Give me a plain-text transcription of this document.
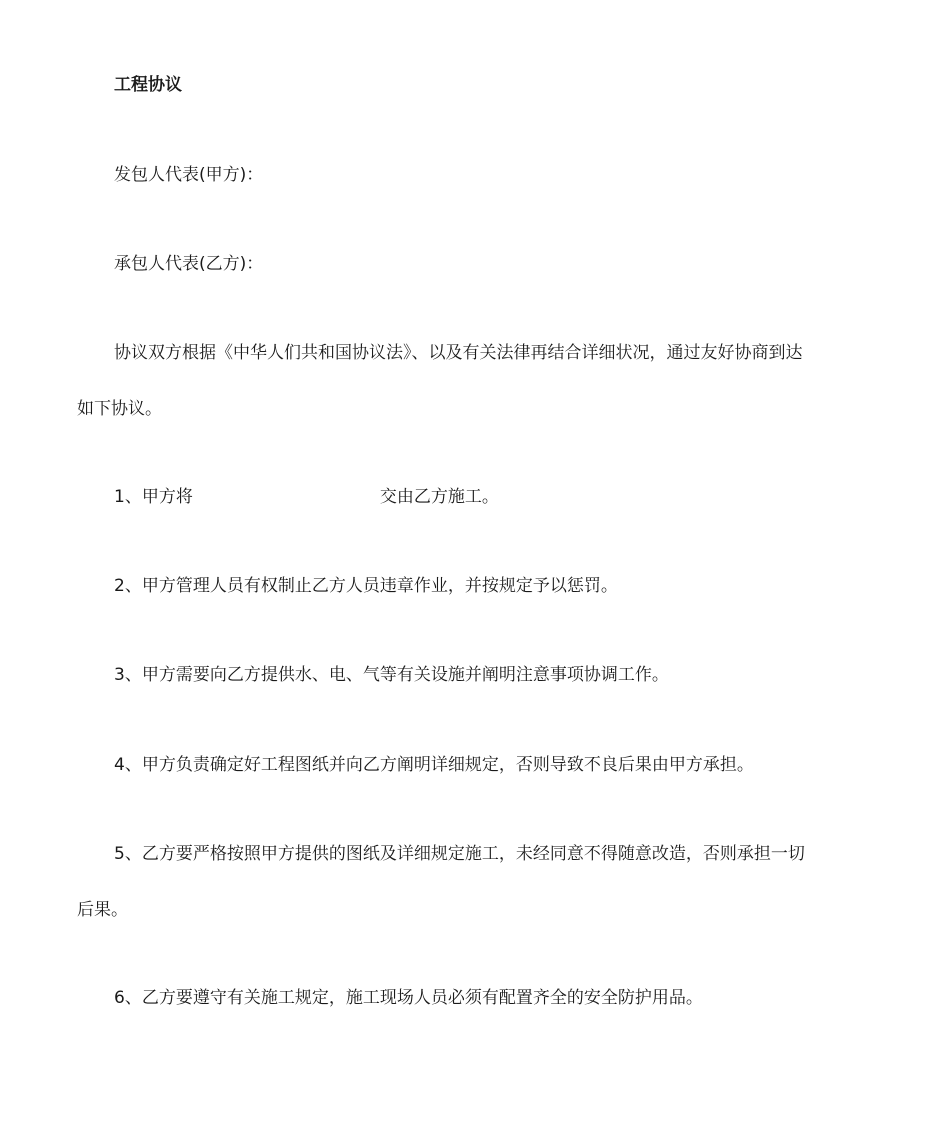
工程协议

发包人代表(甲方)：

承包人代表(乙方)：

协议双方根据《中华人们共和国协议法》、以及有关法律再结合详细状况，通过友好协商到达

如下协议。

1、甲方将	交由乙方施工。

2、甲方管理人员有权制止乙方人员违章作业，并按规定予以惩罚。

3、甲方需要向乙方提供水、电、气等有关设施并阐明注意事项协调工作。

4、甲方负责确定好工程图纸并向乙方阐明详细规定，否则导致不良后果由甲方承担。

5、乙方要严格按照甲方提供的图纸及详细规定施工，未经同意不得随意改造，否则承担一切

后果。

6、乙方要遵守有关施工规定，施工现场人员必须有配置齐全的安全防护用品。
